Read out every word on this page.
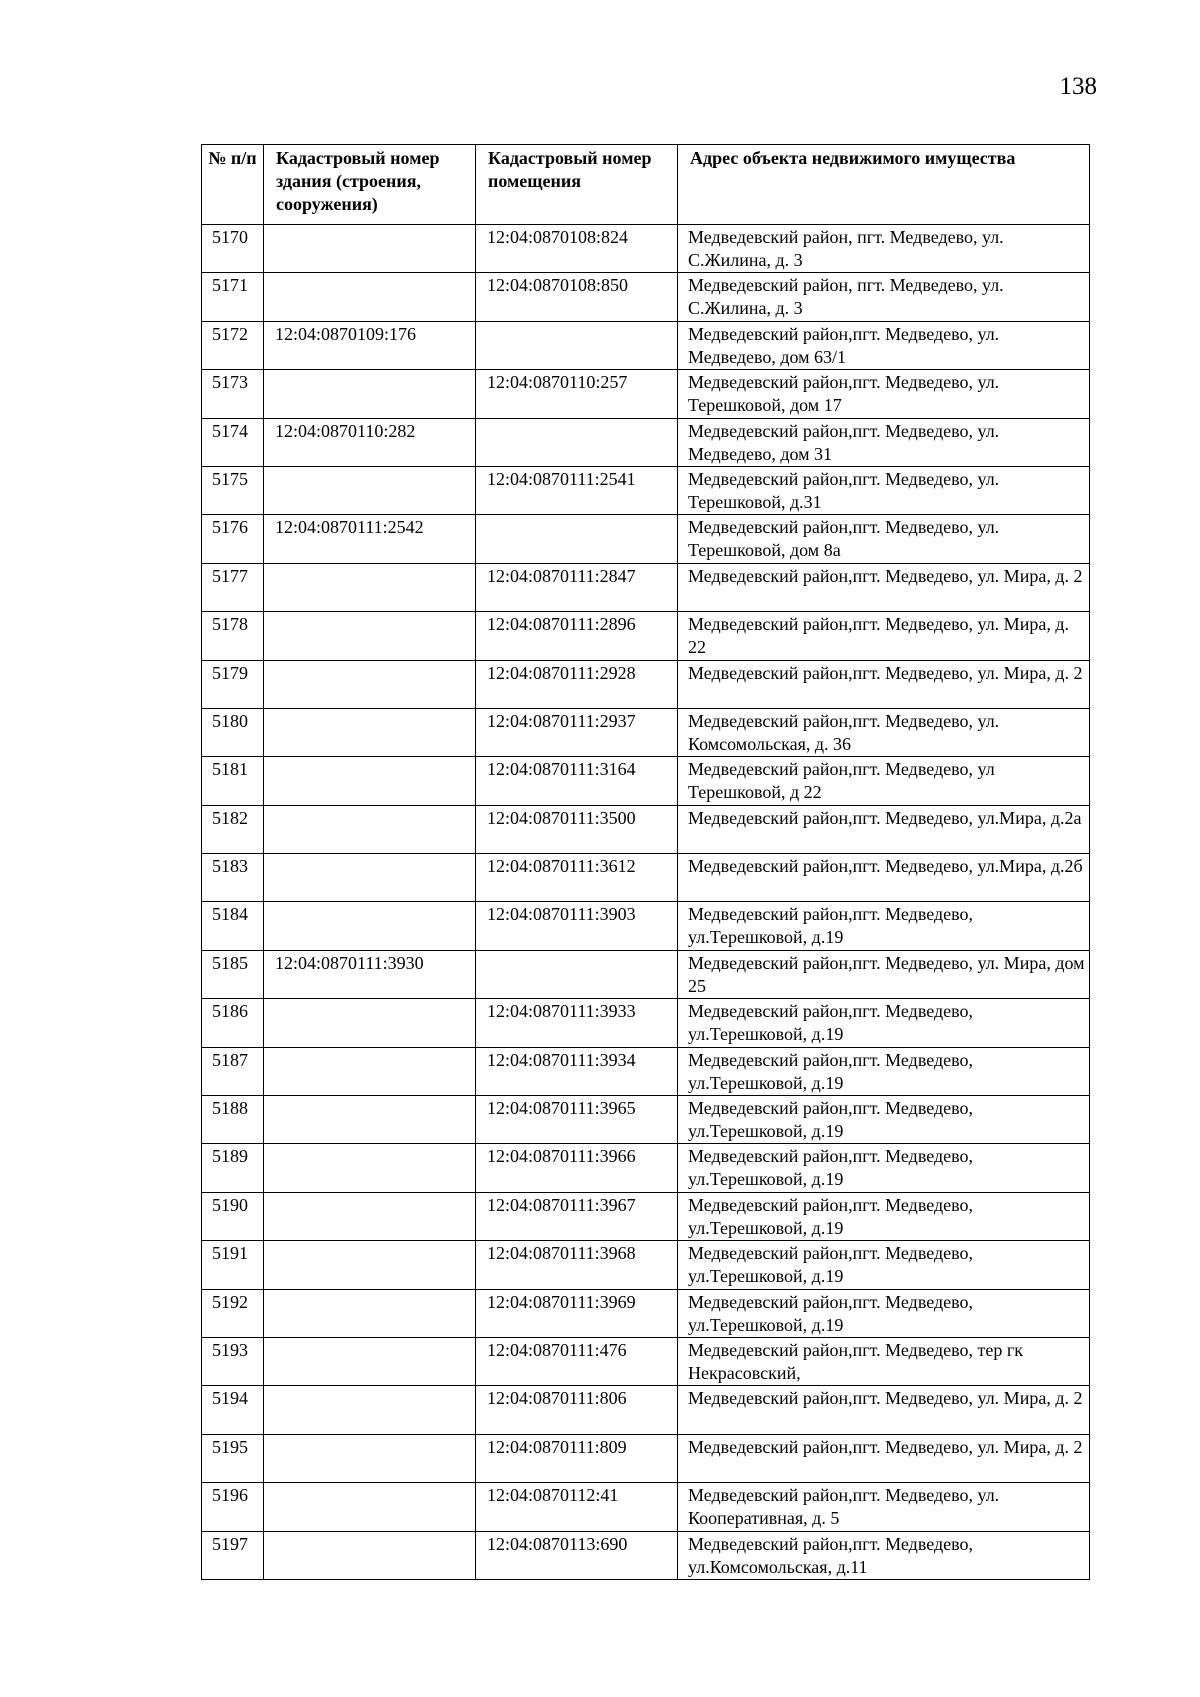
138
№ п/п	Кадастровый номер здания (строения, сооружения)	Кадастровый номер помещения	Адрес объекта недвижимого имущества
5170		12:04:0870108:824	Медведевский район, пгт. Медведево, ул. С.Жилина, д. 3
5171		12:04:0870108:850	Медведевский район, пгт. Медведево, ул. С.Жилина, д. 3
5172	12:04:0870109:176		Медведевский район,пгт. Медведево, ул. Медведево, дом 63/1
5173		12:04:0870110:257	Медведевский район,пгт. Медведево, ул. Терешковой, дом 17
5174	12:04:0870110:282		Медведевский район,пгт. Медведево, ул. Медведево, дом 31
5175		12:04:0870111:2541	Медведевский район,пгт. Медведево, ул. Терешковой, д.31
5176	12:04:0870111:2542		Медведевский район,пгт. Медведево, ул. Терешковой, дом 8а
5177		12:04:0870111:2847	Медведевский район,пгт. Медведево, ул. Мира, д. 2
5178		12:04:0870111:2896	Медведевский район,пгт. Медведево, ул. Мира, д. 22
5179		12:04:0870111:2928	Медведевский район,пгт. Медведево, ул. Мира, д. 2
5180		12:04:0870111:2937	Медведевский район,пгт. Медведево, ул. Комсомольская, д. 36
5181		12:04:0870111:3164	Медведевский район,пгт. Медведево, ул Терешковой, д 22
5182		12:04:0870111:3500	Медведевский район,пгт. Медведево, ул.Мира, д.2а
5183		12:04:0870111:3612	Медведевский район,пгт. Медведево, ул.Мира, д.2б
5184		12:04:0870111:3903	Медведевский район,пгт. Медведево, ул.Терешковой, д.19
5185	12:04:0870111:3930		Медведевский район,пгт. Медведево, ул. Мира, дом 25
5186		12:04:0870111:3933	Медведевский район,пгт. Медведево, ул.Терешковой, д.19
5187		12:04:0870111:3934	Медведевский район,пгт. Медведево, ул.Терешковой, д.19
5188		12:04:0870111:3965	Медведевский район,пгт. Медведево, ул.Терешковой, д.19
5189		12:04:0870111:3966	Медведевский район,пгт. Медведево, ул.Терешковой, д.19
5190		12:04:0870111:3967	Медведевский район,пгт. Медведево, ул.Терешковой, д.19
5191		12:04:0870111:3968	Медведевский район,пгт. Медведево, ул.Терешковой, д.19
5192		12:04:0870111:3969	Медведевский район,пгт. Медведево, ул.Терешковой, д.19
5193		12:04:0870111:476	Медведевский район,пгт. Медведево, тер гк Некрасовский,
5194		12:04:0870111:806	Медведевский район,пгт. Медведево, ул. Мира, д. 2
5195		12:04:0870111:809	Медведевский район,пгт. Медведево, ул. Мира, д. 2
5196		12:04:0870112:41	Медведевский район,пгт. Медведево, ул. Кооперативная, д. 5
5197		12:04:0870113:690	Медведевский район,пгт. Медведево, ул.Комсомольская, д.11
